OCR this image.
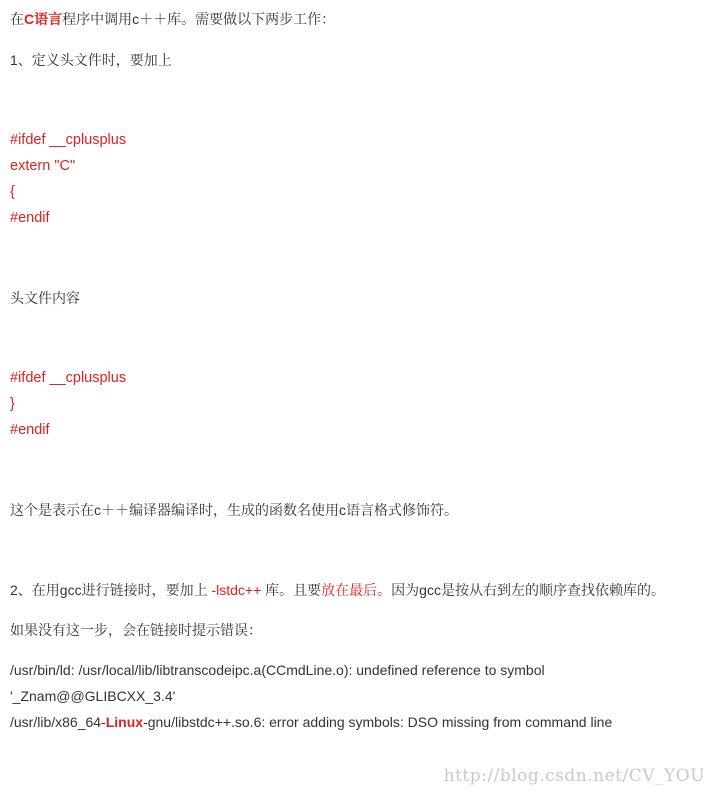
在C语言程序中调用c＋＋库。需要做以下两步工作：
1、定义头文件时，要加上
#ifdef __cplusplus
extern "C"
{
#endif
头文件内容
#ifdef __cplusplus
}
#endif
这个是表示在c＋＋编译器编译时，生成的函数名使用c语言格式修饰符。
2、在用gcc进行链接时，要加上 -lstdc++ 库。且要放在最后。因为gcc是按从右到左的顺序查找依赖库的。
如果没有这一步，会在链接时提示错误：
/usr/bin/ld: /usr/local/lib/libtranscodeipc.a(CCmdLine.o): undefined reference to symbol
'_Znam@@GLIBCXX_3.4'
/usr/lib/x86_64-Linux-gnu/libstdc++.so.6: error adding symbols: DSO missing from command line
http://blog.csdn.net/CV_YOU
